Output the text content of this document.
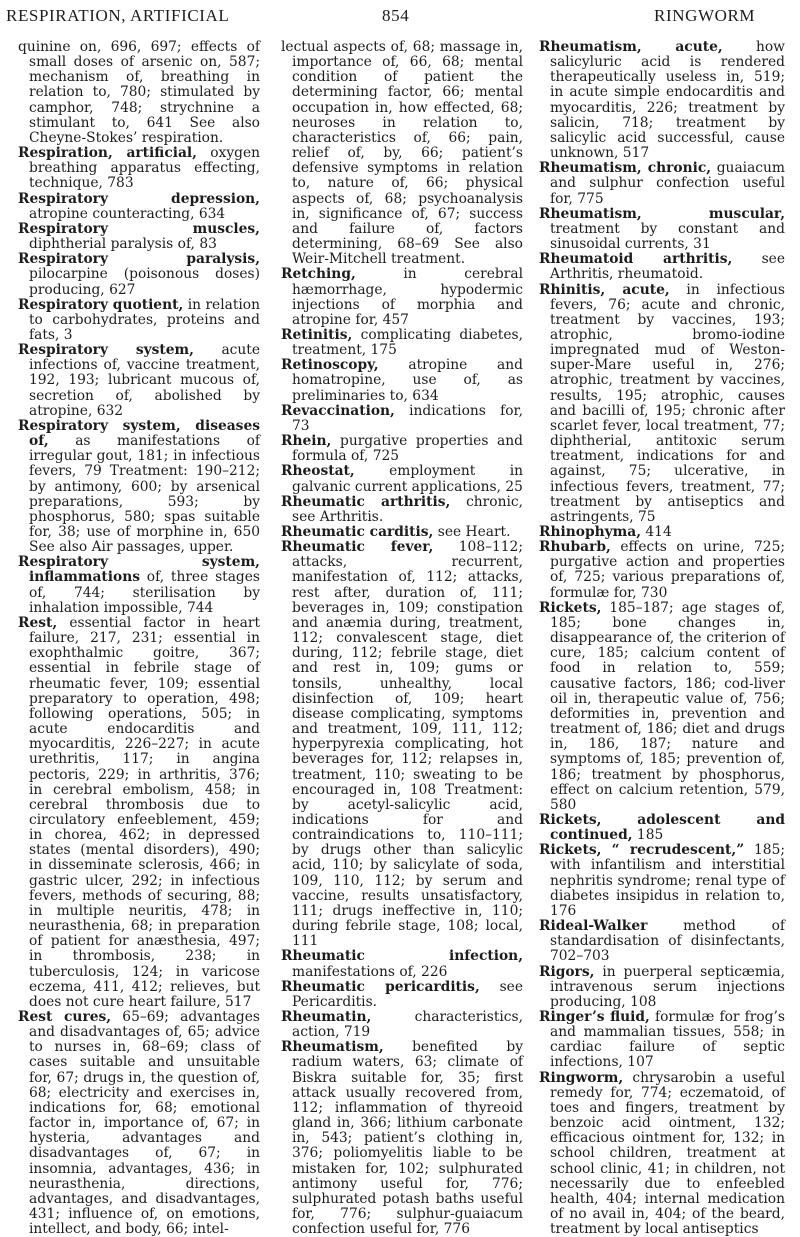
RESPIRATION, ARTIFICIAL	854	RINGWORM

quinine on, 696, 697; effects of small doses of arsenic on, 587; mechanism of, breathing in relation to, 780; stimulated by camphor, 748; strychnine a stimulant to, 641 See also Cheyne-Stokes’ respiration.

Respiration, artificial, oxygen breathing apparatus effecting, technique, 783

Respiratory depression, atropine counteracting, 634

Respiratory muscles, diphtherial paralysis of, 83

Respiratory paralysis, pilocarpine (poisonous doses) producing, 627

Respiratory quotient, in relation to carbohydrates, proteins and fats, 3

Respiratory system, acute infections of, vaccine treatment, 192, 193; lubricant mucous of, secretion of, abolished by atropine, 632

Respiratory system, diseases of, as manifestations of irregular gout, 181; in infectious fevers, 79 Treatment: 190–212; by antimony, 600; by arsenical preparations, 593; by phosphorus, 580; spas suitable for, 38; use of morphine in, 650 See also Air passages, upper.

Respiratory system, inflammations of, three stages of, 744; sterilisation by inhalation impossible, 744

Rest, essential factor in heart failure, 217, 231; essential in exophthalmic goitre, 367; essential in febrile stage of rheumatic fever, 109; essential preparatory to operation, 498; following operations, 505; in acute endocarditis and myocarditis, 226–227; in acute urethritis, 117; in angina pectoris, 229; in arthritis, 376; in cerebral embolism, 458; in cerebral thrombosis due to circulatory enfeeblement, 459; in chorea, 462; in depressed states (mental disorders), 490; in disseminate sclerosis, 466; in gastric ulcer, 292; in infectious fevers, methods of securing, 88; in multiple neuritis, 478; in neurasthenia, 68; in preparation of patient for anæsthesia, 497; in thrombosis, 238; in tuberculosis, 124; in varicose eczema, 411, 412; relieves, but does not cure heart failure, 517

Rest cures, 65–69; advantages and disadvantages of, 65; advice to nurses in, 68–69; class of cases suitable and unsuitable for, 67; drugs in, the question of, 68; electricity and exercises in, indications for, 68; emotional factor in, importance of, 67; in hysteria, advantages and disadvantages of, 67; in insomnia, advantages, 436; in neurasthenia, directions, advantages, and disadvantages, 431; influence of, on emotions, intellect, and body, 66; intel-

lectual aspects of, 68; massage in, importance of, 66, 68; mental condition of patient the determining factor, 66; mental occupation in, how effected, 68; neuroses in relation to, characteristics of, 66; pain, relief of, by, 66; patient’s defensive symptoms in relation to, nature of, 66; physical aspects of, 68; psychoanalysis in, significance of, 67; success and failure of, factors determining, 68–69 See also Weir-Mitchell treatment.

Retching, in cerebral hæmorrhage, hypodermic injections of morphia and atropine for, 457

Retinitis, complicating diabetes, treatment, 175

Retinoscopy, atropine and homatropine, use of, as preliminaries to, 634

Revaccination, indications for, 73

Rhein, purgative properties and formula of, 725

Rheostat, employment in galvanic current applications, 25

Rheumatic arthritis, chronic, see Arthritis.

Rheumatic carditis, see Heart.

Rheumatic fever, 108–112; attacks, recurrent, manifestation of, 112; attacks, rest after, duration of, 111; beverages in, 109; constipation and anæmia during, treatment, 112; convalescent stage, diet during, 112; febrile stage, diet and rest in, 109; gums or tonsils, unhealthy, local disinfection of, 109; heart disease complicating, symptoms and treatment, 109, 111, 112; hyperpyrexia complicating, hot beverages for, 112; relapses in, treatment, 110; sweating to be encouraged in, 108 Treatment: by acetyl-salicylic acid, indications for and contraindications to, 110–111; by drugs other than salicylic acid, 110; by salicylate of soda, 109, 110, 112; by serum and vaccine, results unsatisfactory, 111; drugs ineffective in, 110; during febrile stage, 108; local, 111

Rheumatic infection, manifestations of, 226

Rheumatic pericarditis, see Pericarditis.

Rheumatin, characteristics, action, 719

Rheumatism, benefited by radium waters, 63; climate of Biskra suitable for, 35; first attack usually recovered from, 112; inflammation of thyreoid gland in, 366; lithium carbonate in, 543; patient’s clothing in, 376; poliomyelitis liable to be mistaken for, 102; sulphurated antimony useful for, 776; sulphurated potash baths useful for, 776; sulphur-guaiacum confection useful for, 776

Rheumatism, acute, how salicyluric acid is rendered therapeutically useless in, 519; in acute simple endocarditis and myocarditis, 226; treatment by salicin, 718; treatment by salicylic acid successful, cause unknown, 517

Rheumatism, chronic, guaiacum and sulphur confection useful for, 775

Rheumatism, muscular, treatment by constant and sinusoidal currents, 31

Rheumatoid arthritis, see Arthritis, rheumatoid.

Rhinitis, acute, in infectious fevers, 76; acute and chronic, treatment by vaccines, 193; atrophic, bromo-iodine impregnated mud of Weston-super-Mare useful in, 276; atrophic, treatment by vaccines, results, 195; atrophic, causes and bacilli of, 195; chronic after scarlet fever, local treatment, 77; diphtherial, antitoxic serum treatment, indications for and against, 75; ulcerative, in infectious fevers, treatment, 77; treatment by antiseptics and astringents, 75

Rhinophyma, 414

Rhubarb, effects on urine, 725; purgative action and properties of, 725; various preparations of, formulæ for, 730

Rickets, 185–187; age stages of, 185; bone changes in, disappearance of, the criterion of cure, 185; calcium content of food in relation to, 559; causative factors, 186; cod-liver oil in, therapeutic value of, 756; deformities in, prevention and treatment of, 186; diet and drugs in, 186, 187; nature and symptoms of, 185; prevention of, 186; treatment by phosphorus, effect on calcium retention, 579, 580

Rickets, adolescent and continued, 185

Rickets, “ recrudescent,” 185; with infantilism and interstitial nephritis syndrome; renal type of diabetes insipidus in relation to, 176

Rideal-Walker method of standardisation of disinfectants, 702–703

Rigors, in puerperal septicæmia, intravenous serum injections producing, 108

Ringer’s fluid, formulæ for frog’s and mammalian tissues, 558; in cardiac failure of septic infections, 107

Ringworm, chrysarobin a useful remedy for, 774; eczematoid, of toes and fingers, treatment by benzoic acid ointment, 132; efficacious ointment for, 132; in school children, treatment at school clinic, 41; in children, not necessarily due to enfeebled health, 404; internal medication of no avail in, 404; of the beard, treatment by local antiseptics
